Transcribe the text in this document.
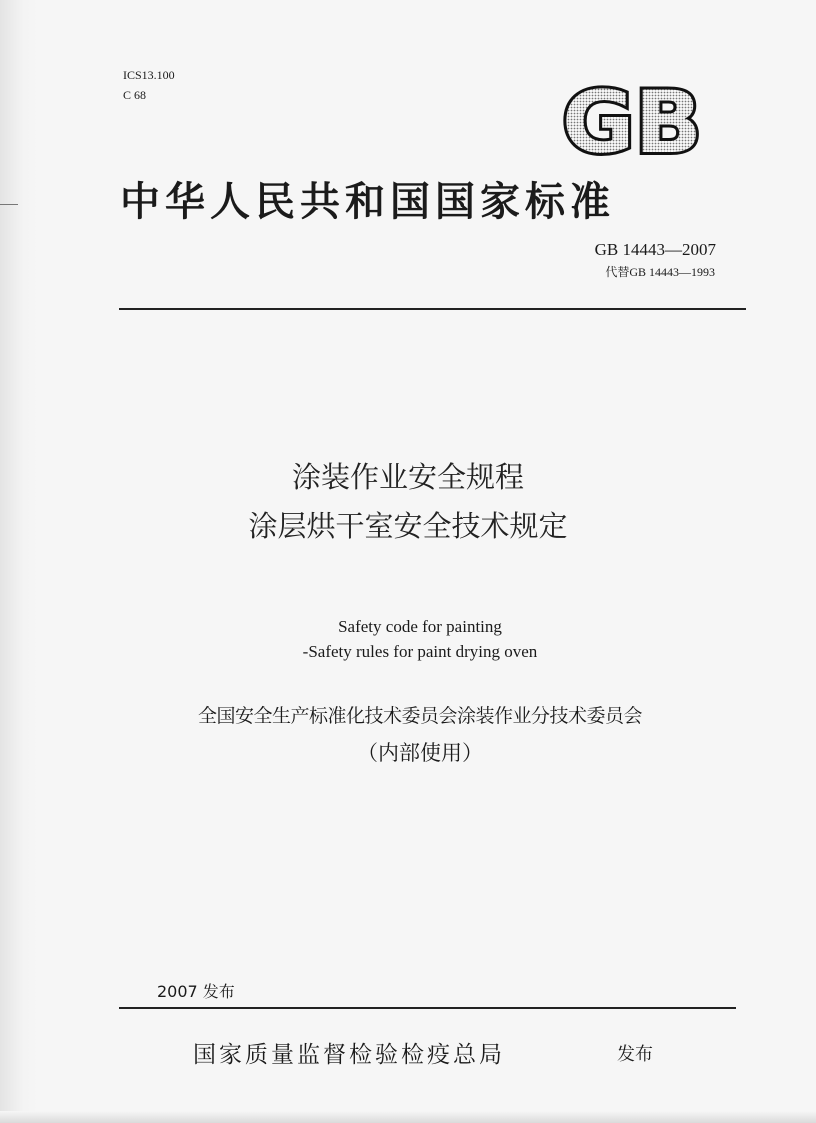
ICS13.100
C 68	GB
中华人民共和国国家标准
GB 14443—2007
代替GB 14443—1993
涂装作业安全规程
涂层烘干室安全技术规定
Safety code for painting
-Safety rules for paint drying oven
全国安全生产标准化技术委员会涂装作业分技术委员会
（内部使用）
2007 发布
国家质量监督检验检疫总局	发布
